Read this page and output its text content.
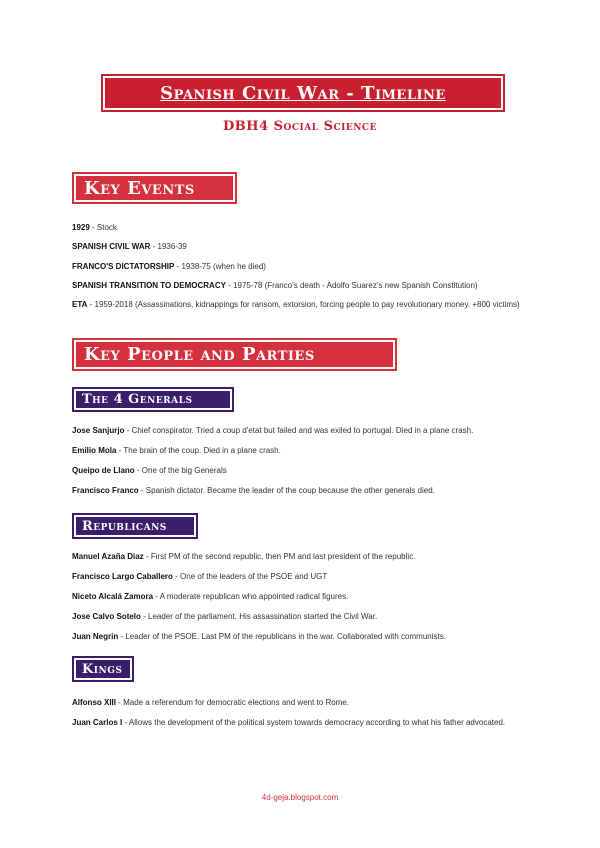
Spanish Civil War - Timeline
DBH4 Social Science
Key Events
1929 - Stock
SPANISH CIVIL WAR - 1936-39
FRANCO'S DICTATORSHIP - 1938-75 (when he died)
SPANISH TRANSITION TO DEMOCRACY - 1975-78 (Franco's death - Adolfo Suarez's new Spanish Constitution)
ETA - 1959-2018 (Assassinations, kidnappings for ransom, extorsion, forcing people to pay revolutionary money. +800 victims)
Key People and Parties
The 4 Generals
Jose Sanjurjo - Chief conspirator. Tried a coup d'etat but failed and was exiled to portugal. Died in a plane crash.
Emilio Mola - The brain of the coup. Died in a plane crash.
Queipo de Llano - One of the big Generals
Francisco Franco - Spanish dictator. Became the leader of the coup because the other generals died.
Republicans
Manuel Azaña Diaz - First PM of the second republic, then PM and last president of the republic.
Francisco Largo Caballero - One of the leaders of the PSOE and UGT
Niceto Alcalá Zamora - A moderate republican who appointed radical figures.
Jose Calvo Sotelo - Leader of the parliament. His assassination started the Civil War.
Juan Negrin - Leader of the PSOE. Last PM of the republicans in the war. Collaborated with communists.
Kings
Alfonso XIII - Made a referendum for democratic elections and went to Rome.
Juan Carlos I - Allows the development of the political system towards democracy according to what his father advocated.
4d-geja.blogspot.com
